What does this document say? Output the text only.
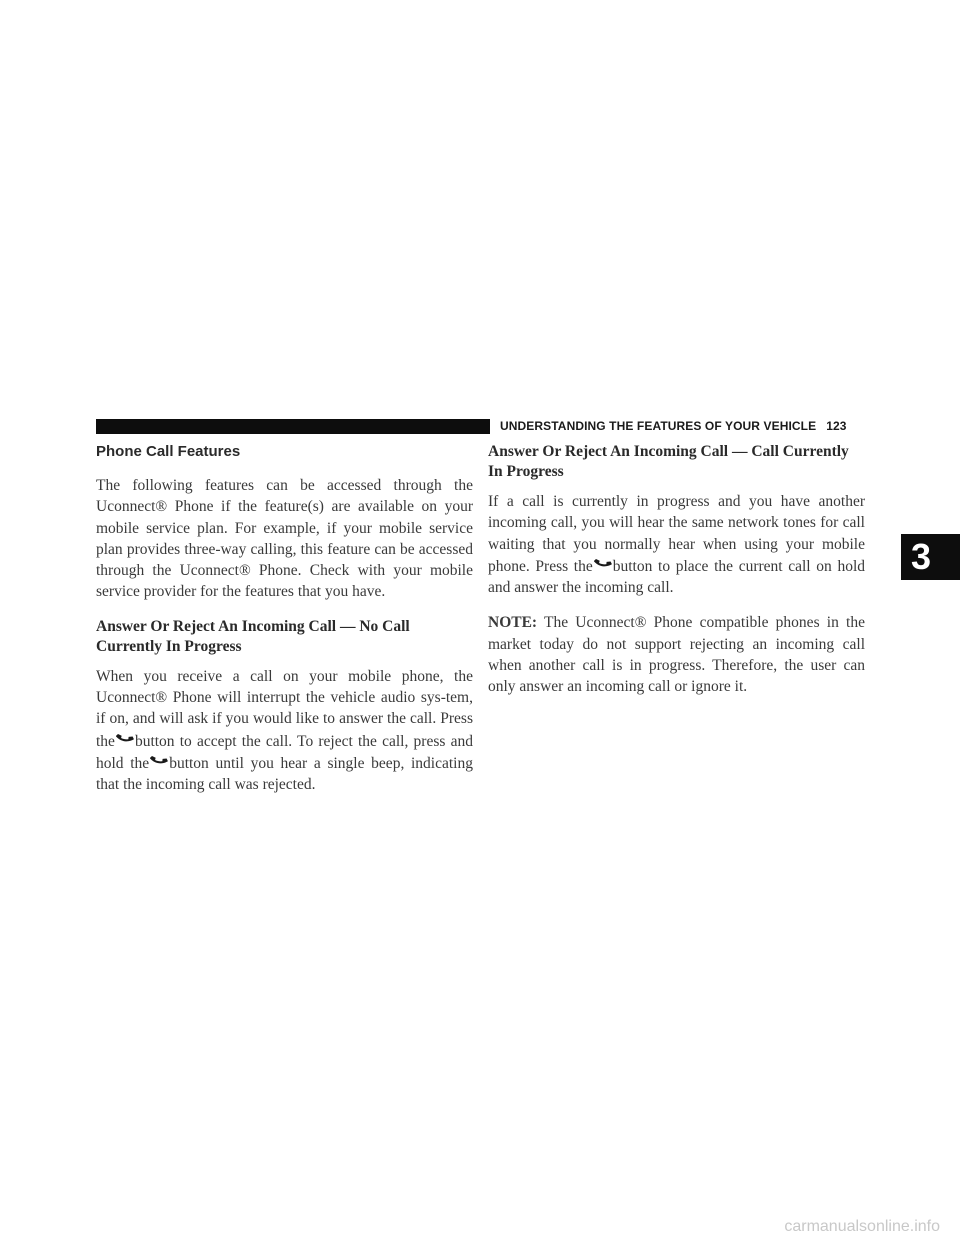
UNDERSTANDING THE FEATURES OF YOUR VEHICLE 123
3
Phone Call Features

The following features can be accessed through the Uconnect® Phone if the feature(s) are available on your mobile service plan. For example, if your mobile service plan provides three-way calling, this feature can be accessed through the Uconnect® Phone. Check with your mobile service provider for the features that you have.

Answer Or Reject An Incoming Call — No Call Currently In Progress

When you receive a call on your mobile phone, the Uconnect® Phone will interrupt the vehicle audio sys-tem, if on, and will ask if you would like to answer the call. Press the button to accept the call. To reject the call, press and hold the button until you hear a single beep, indicating that the incoming call was rejected.

Answer Or Reject An Incoming Call — Call Currently In Progress

If a call is currently in progress and you have another incoming call, you will hear the same network tones for call waiting that you normally hear when using your mobile phone. Press the button to place the current call on hold and answer the incoming call.

NOTE: The Uconnect® Phone compatible phones in the market today do not support rejecting an incoming call when another call is in progress. Therefore, the user can only answer an incoming call or ignore it.

carmanualsonline.info
